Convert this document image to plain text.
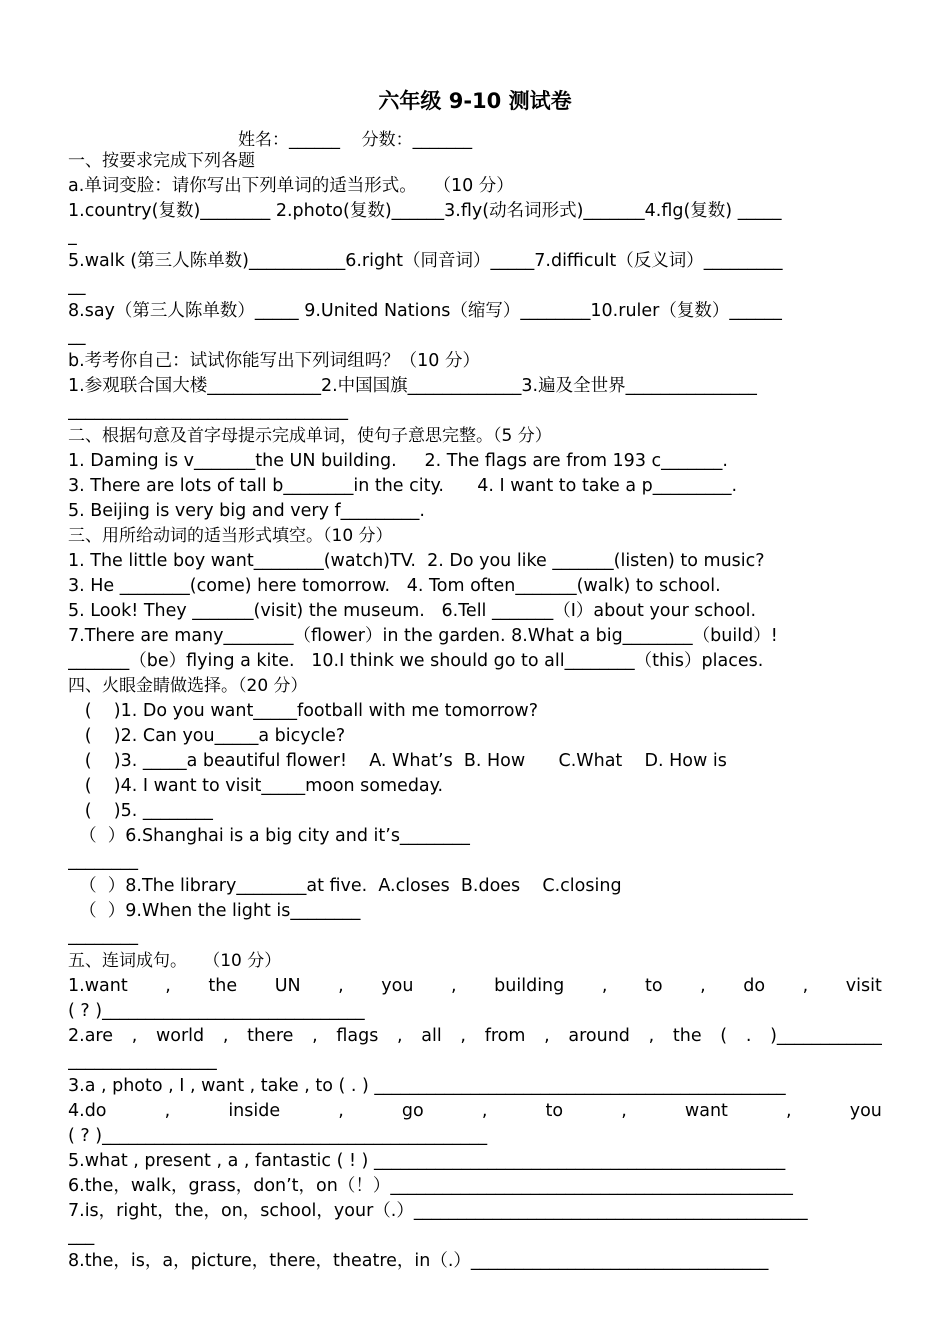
六年级 9-10 测试卷
姓名：______    分数：_______
一、按要求完成下列各题
a.单词变脸：请你写出下列单词的适当形式。   （10 分）
1.country(复数)________ 2.photo(复数)______3.fly(动名词形式)_______4.flg(复数) _____
_
5.walk (第三人陈单数)___________6.right（同音词）_____7.difficult（反义词）_________
__
8.say（第三人陈单数）_____ 9.United Nations（缩写）________10.ruler（复数）______
__
b.考考你自己：试试你能写出下列词组吗？（10 分）
1.参观联合国大楼_____________2.中国国旗_____________3.遍及全世界_______________
________________________________
二、根据句意及首字母提示完成单词，使句子意思完整。（5 分）
1. Daming is v_______the UN building.     2. The flags are from 193 c_______.
3. There are lots of tall b________in the city.      4. I want to take a p_________.
5. Beijing is very big and very f_________.
三、用所给动词的适当形式填空。（10 分）
1. The little boy want________(watch)TV.  2. Do you like _______(listen) to music?
3. He ________(come) here tomorrow.   4. Tom often_______(walk) to school.
5. Look! They _______(visit) the museum.   6.Tell _______（I）about your school.
7.There are many________（flower）in the garden. 8.What a big________（build）!
_______（be）flying a kite.   10.I think we should go to all________（this）places.
四、火眼金睛做选择。（20 分）
(    )1. Do you want_____football with me tomorrow?
(    )2. Can you_____a bicycle?
(    )3. _____a beautiful flower!    A. What’s  B. How      C.What    D. How is
(    )4. I want to visit_____moon someday.
(    )5. ________
（  ）6.Shanghai is a big city and it’s________
________
（  ）8.The library________at five.  A.closes  B.does    C.closing
（  ）9.When the light is________
________
五、连词成句。   （10 分）
1.want , the UN , you , building , to , do , visit
( ? )______________________________
2.are , world , there , flags , all , from , around , the ( . )____________
_________________
3.a , photo , I , want , take , to ( . ) _______________________________________________
4.do	,	inside	,	go	,	to	,	want	,	you
( ? )____________________________________________
5.what , present , a , fantastic ( ! ) _______________________________________________
6.the，walk，grass，don’t，on（！）______________________________________________
7.is，right，the，on，school，your（.）_____________________________________________
___
8.the，is，a，picture，there，theatre，in（.）__________________________________
